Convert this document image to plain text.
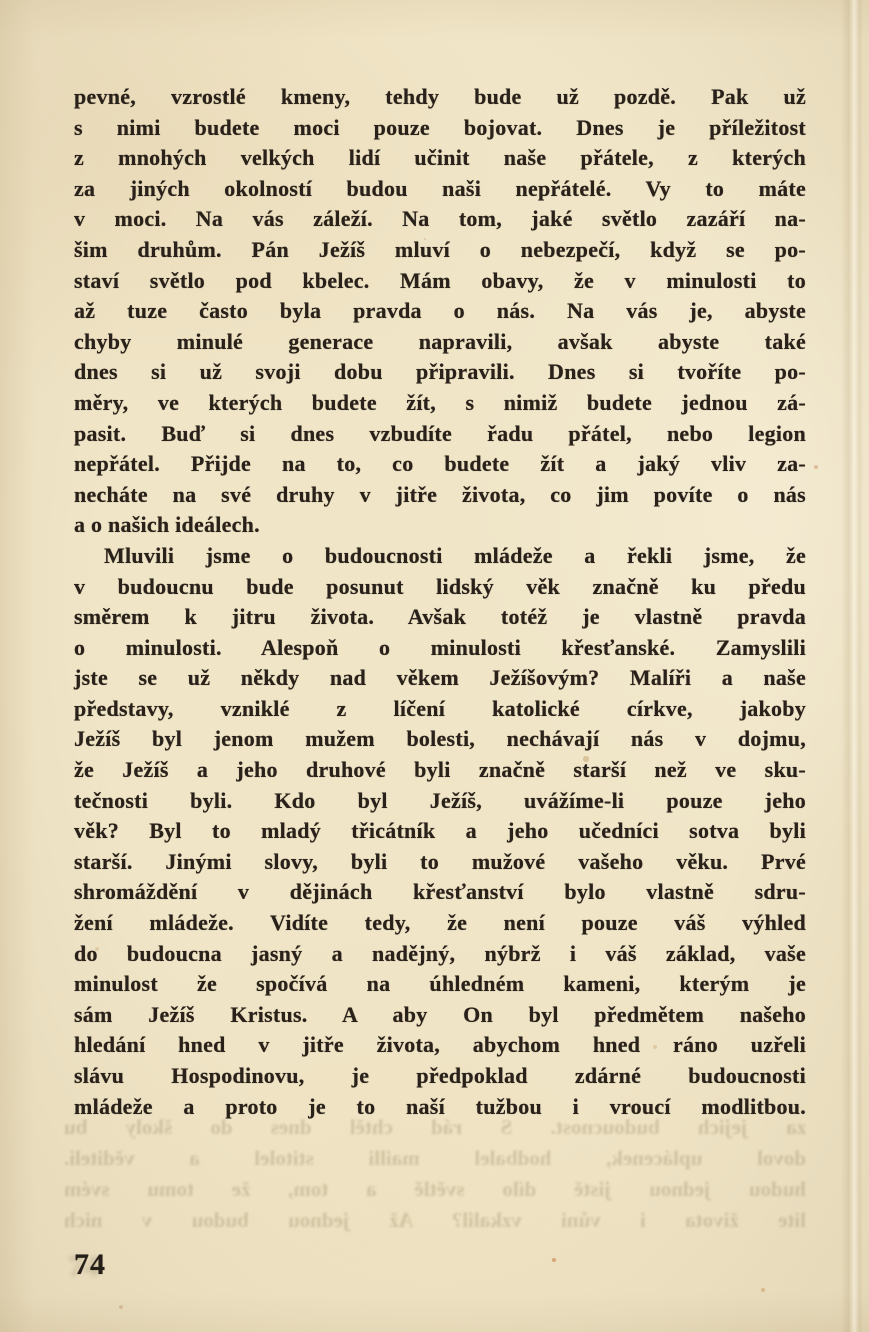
za jejich budoucnost. S rád chtěl dnes do školy bu
dovol uplácenek, hodbalel mailli stitolel a věditeli.
hudou jednou jistě dílo světlě a tom, že tomu svém
lite života i vůni vzkalil? Až jednou budou v nich
pevné, vzrostlé kmeny, tehdy bude už pozdě. Pak už
s nimi budete moci pouze bojovat. Dnes je příležitost
z mnohých velkých lidí učinit naše přátele, z kterých
za jiných okolností budou naši nepřátelé. Vy to máte
v moci. Na vás záleží. Na tom, jaké světlo zazáří na-
šim druhům. Pán Ježíš mluví o nebezpečí, když se po-
staví světlo pod kbelec. Mám obavy, že v minulosti to
až tuze často byla pravda o nás. Na vás je, abyste
chyby minulé generace napravili, avšak abyste také
dnes si už svoji dobu připravili. Dnes si tvoříte po-
měry, ve kterých budete žít, s nimiž budete jednou zá-
pasit. Buď si dnes vzbudíte řadu přátel, nebo legion
nepřátel. Přijde na to, co budete žít a jaký vliv za-
necháte na své druhy v jitře života, co jim povíte o nás
a o našich ideálech.
Mluvili jsme o budoucnosti mládeže a řekli jsme, že
v budoucnu bude posunut lidský věk značně ku předu
směrem k jitru života. Avšak totéž je vlastně pravda
o minulosti. Alespoň o minulosti křesťanské. Zamyslili
jste se už někdy nad věkem Ježíšovým? Malíři a naše
představy, vzniklé z líčení katolické církve, jakoby
Ježíš byl jenom mužem bolesti, nechávají nás v dojmu,
že Ježíš a jeho druhové byli značně starší než ve sku-
tečnosti byli. Kdo byl Ježíš, uvážíme-li pouze jeho
věk? Byl to mladý třicátník a jeho učedníci sotva byli
starší. Jinými slovy, byli to mužové vašeho věku. Prvé
shromáždění v dějinách křesťanství bylo vlastně sdru-
žení mládeže. Vidíte tedy, že není pouze váš výhled
do budoucna jasný a nadějný, nýbrž i váš základ, vaše
minulost že spočívá na úhledném kameni, kterým je
sám Ježíš Kristus. A aby On byl předmětem našeho
hledání hned v jitře života, abychom hned ráno uzřeli
slávu Hospodinovu, je předpoklad zdárné budoucnosti
mládeže a proto je to naší tužbou i vroucí modlitbou.
74
